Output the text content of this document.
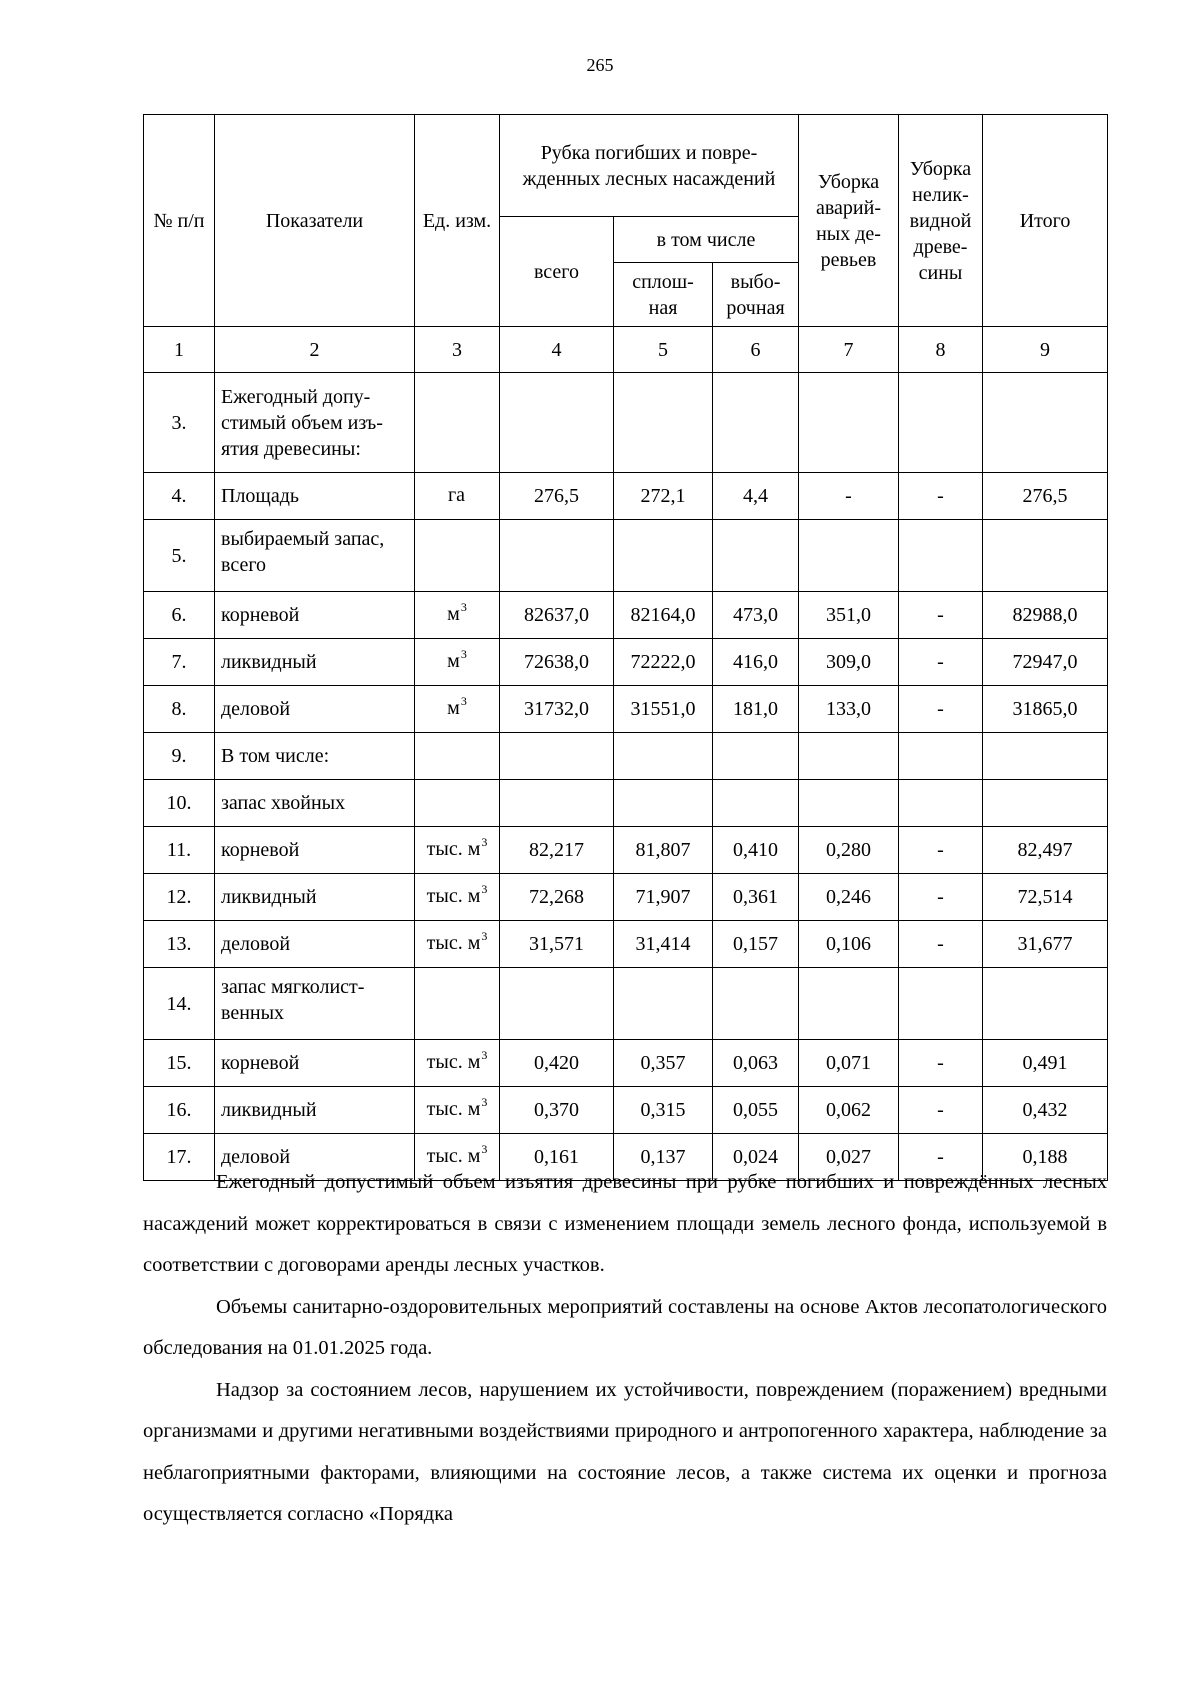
265
№ п/п	Показатели	Ед. изм.	Рубка погибших и повре-жденных лесных насаждений			Уборка аварий-ных де-ревьев	Уборка нелик-видной древе-сины	Итого
			всего	в том числе				
				сплош-ная	выбо-рочная			
1	2	3	4	5	6	7	8	9
3.	Ежегодный допу-стимый объем изъ-ятия древесины:							
4.	Площадь	га	276,5	272,1	4,4	-	-	276,5
5.	выбираемый запас, всего							
6.	корневой	$м^3$	82637,0	82164,0	473,0	351,0	-	82988,0
7.	ликвидный	$м^3$	72638,0	72222,0	416,0	309,0	-	72947,0
8.	деловой	$м^3$	31732,0	31551,0	181,0	133,0	-	31865,0
9.	В том числе:							
10.	запас хвойных							
11.	корневой	тыс. $м^3$	82,217	81,807	0,410	0,280	-	82,497
12.	ликвидный	тыс. $м^3$	72,268	71,907	0,361	0,246	-	72,514
13.	деловой	тыс. $м^3$	31,571	31,414	0,157	0,106	-	31,677
14.	запас мягколист-венных							
15.	корневой	тыс. $м^3$	0,420	0,357	0,063	0,071	-	0,491
16.	ликвидный	тыс. $м^3$	0,370	0,315	0,055	0,062	-	0,432
17.	деловой	тыс. $м^3$	0,161	0,137	0,024	0,027	-	0,188

Ежегодный допустимый объем изъятия древесины при рубке погибших и повреждённых лесных насаждений может корректироваться в связи с изменением площади земель лесного фонда, используемой в соответствии с договорами аренды лесных участков.

Объемы санитарно-оздоровительных мероприятий составлены на основе Актов лесопатологического обследования на 01.01.2025 года.

Надзор за состоянием лесов, нарушением их устойчивости, повреждением (поражением) вредными организмами и другими негативными воздействиями природного и антропогенного характера, наблюдение за неблагоприятными факторами, влияющими на состояние лесов, а также система их оценки и прогноза осуществляется согласно «Порядка
